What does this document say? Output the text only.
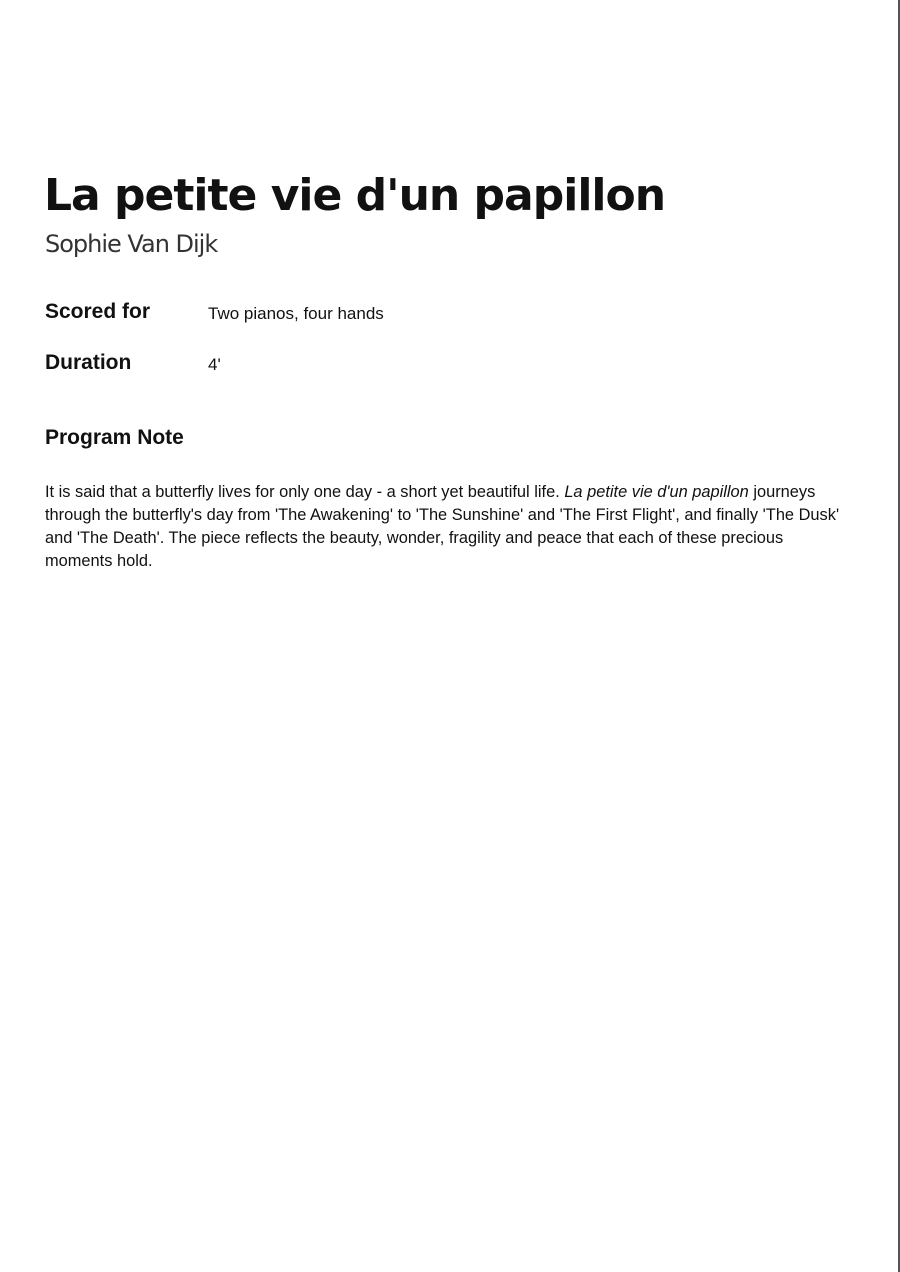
La petite vie d'un papillon
Sophie Van Dijk
Scored for	Two pianos, four hands
Duration	4'
Program Note

It is said that a butterfly lives for only one day - a short yet beautiful life. La petite vie d'un papillon journeys through the butterfly's day from 'The Awakening' to 'The Sunshine' and 'The First Flight', and finally 'The Dusk' and 'The Death'. The piece reflects the beauty, wonder, fragility and peace that each of these precious moments hold.
